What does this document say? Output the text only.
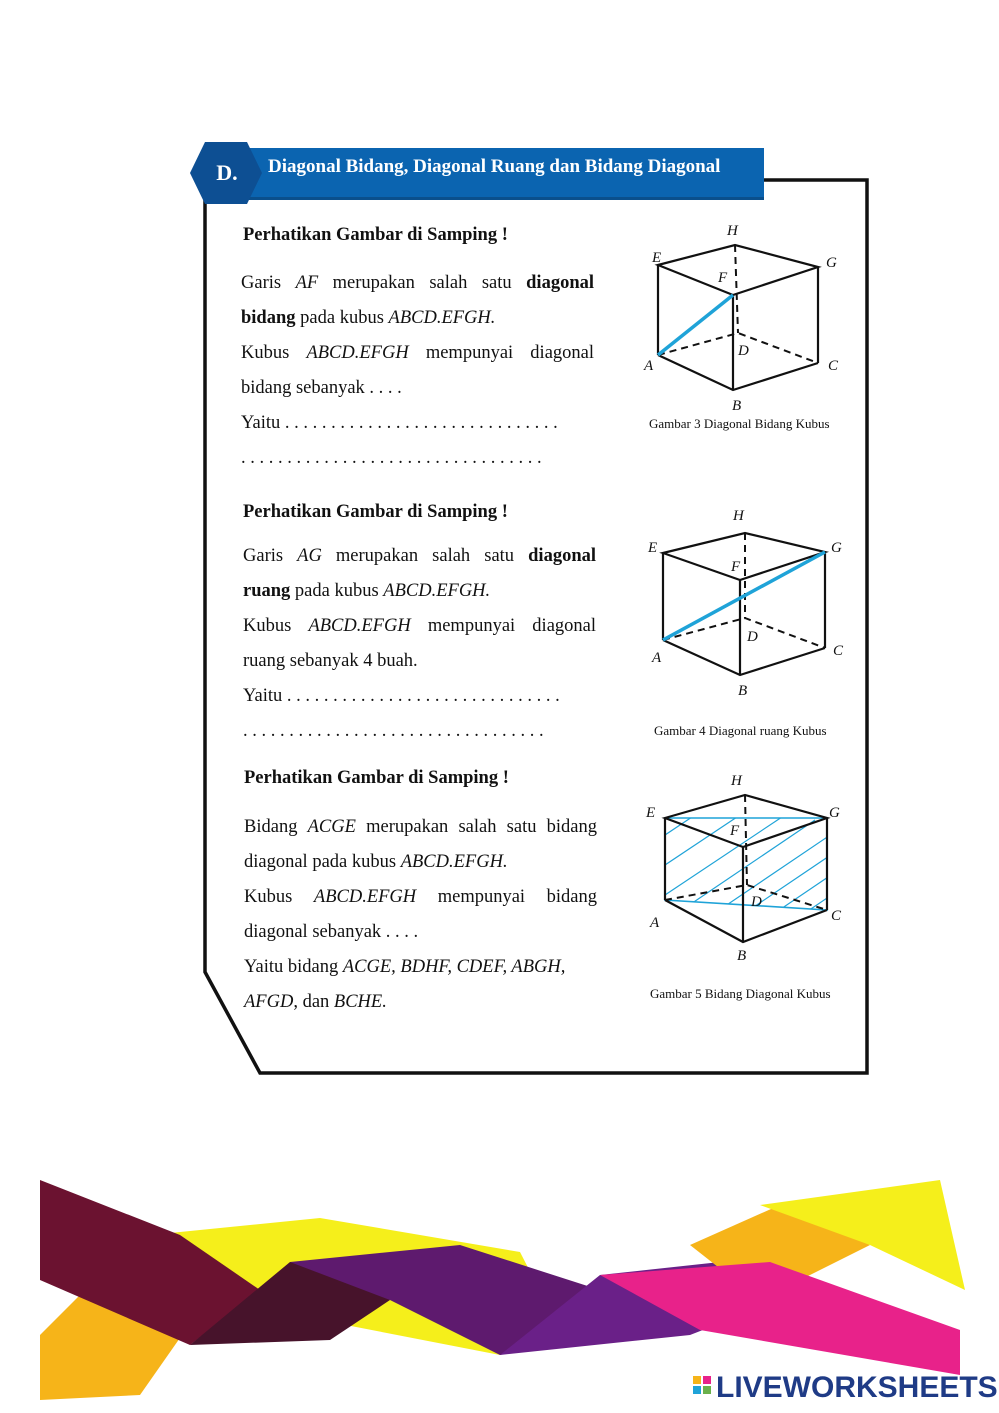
D. Diagonal Bidang, Diagonal Ruang dan Bidang Diagonal
Perhatikan Gambar di Samping !
Garis AF merupakan salah satu diagonal
bidang pada kubus ABCD.EFGH.
Kubus ABCD.EFGH mempunyai diagonal
bidang sebanyak . . . .
Yaitu . . . . . . . . . . . . . . . . . . . . . . . . . . . . . .
. . . . . . . . . . . . . . . . . . . . . . . . . . . . . . . . .
H
E	G
F
D
A	C
B
Gambar 3 Diagonal Bidang Kubus
Perhatikan Gambar di Samping !
Garis AG merupakan salah satu diagonal
ruang pada kubus ABCD.EFGH.
Kubus ABCD.EFGH mempunyai diagonal
ruang sebanyak 4 buah.
Yaitu . . . . . . . . . . . . . . . . . . . . . . . . . . . . . .
. . . . . . . . . . . . . . . . . . . . . . . . . . . . . . . . .
H
E	G
F
D
A	C
B
Gambar 4 Diagonal ruang Kubus
Perhatikan Gambar di Samping !
Bidang ACGE merupakan salah satu bidang
diagonal pada kubus ABCD.EFGH.
Kubus ABCD.EFGH mempunyai bidang
diagonal sebanyak . . . .
Yaitu bidang ACGE, BDHF, CDEF, ABGH,
AFGD, dan BCHE.
H
E	G
F
D
A	C
B
Gambar 5 Bidang Diagonal Kubus
LIVEWORKSHEETS
